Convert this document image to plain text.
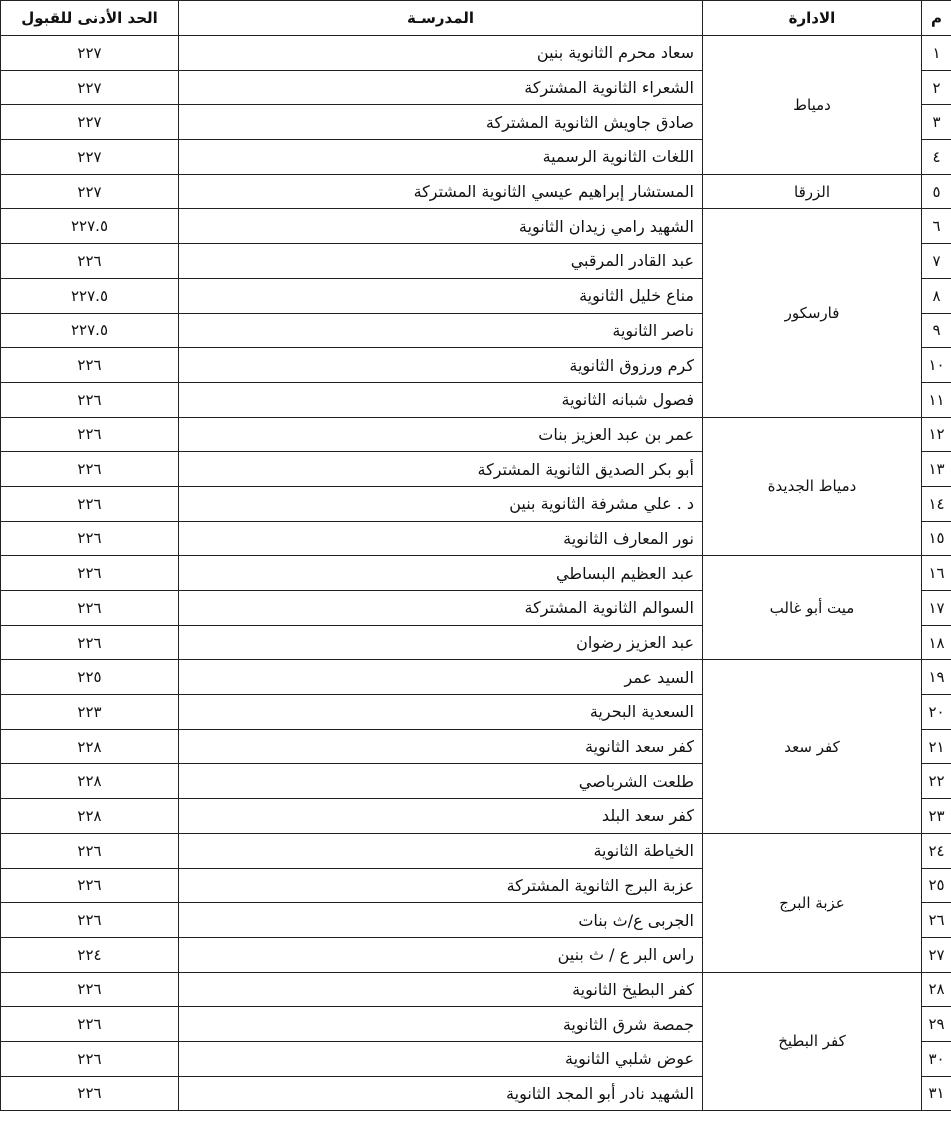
م	الادارة	المدرسـة	الحد الأدنى للقبول
١	دمياط	سعاد محرم الثانوية بنين	٢٢٧
٢		الشعراء الثانوية المشتركة	٢٢٧
٣		صادق جاويش الثانوية المشتركة	٢٢٧
٤		اللغات الثانوية الرسمية	٢٢٧
٥	الزرقا	المستشار إبراهيم عيسي الثانوية المشتركة	٢٢٧
٦	فارسكور	الشهيد رامي زيدان الثانوية	٢٢٧.٥
٧		عبد القادر المرقبي	٢٢٦
٨		مناع خليل الثانوية	٢٢٧.٥
٩		ناصر الثانوية	٢٢٧.٥
١٠		كرم ورزوق الثانوية	٢٢٦
١١		فصول شبانه الثانوية	٢٢٦
١٢	دمياط الجديدة	عمر بن عبد العزيز بنات	٢٢٦
١٣		أبو بكر الصديق الثانوية المشتركة	٢٢٦
١٤		د . علي مشرفة الثانوية بنين	٢٢٦
١٥		نور المعارف الثانوية	٢٢٦
١٦	ميت أبو غالب	عبد العظيم البساطي	٢٢٦
١٧		السوالم الثانوية المشتركة	٢٢٦
١٨		عبد العزيز رضوان	٢٢٦
١٩	كفر سعد	السيد عمر	٢٢٥
٢٠		السعدية البحرية	٢٢٣
٢١		كفر سعد الثانوية	٢٢٨
٢٢		طلعت الشرباصي	٢٢٨
٢٣		كفر سعد البلد	٢٢٨
٢٤	عزبة البرج	الخياطة الثانوية	٢٢٦
٢٥		عزبة البرج الثانوية المشتركة	٢٢٦
٢٦		الجربى ع/ث بنات	٢٢٦
٢٧		راس البر ع / ث بنين	٢٢٤
٢٨	كفر البطيخ	كفر البطيخ الثانوية	٢٢٦
٢٩		جمصة شرق الثانوية	٢٢٦
٣٠		عوض شلبي الثانوية	٢٢٦
٣١		الشهيد نادر أبو المجد الثانوية	٢٢٦
